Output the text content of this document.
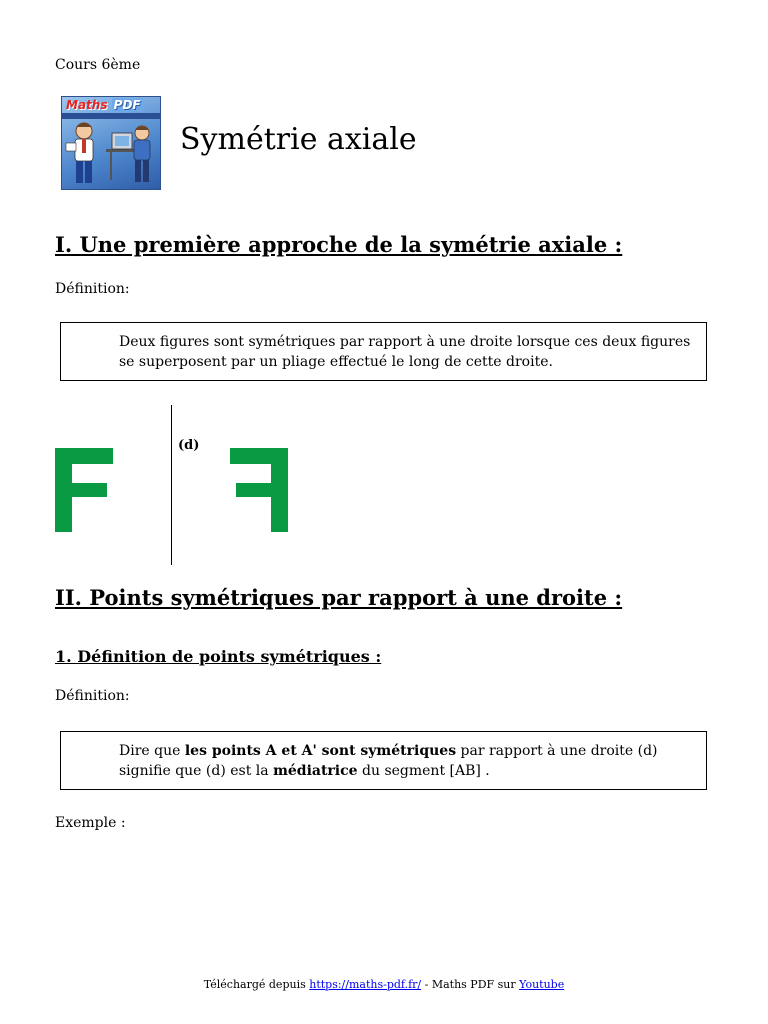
Cours 6ème
Maths PDF
Symétrie axiale
I. Une première approche de la symétrie axiale :
Définition:
Deux figures sont symétriques par rapport à une droite lorsque ces deux figures se superposent par un pliage effectué le long de cette droite.
(d)
II. Points symétriques par rapport à une droite :
1. Définition de points symétriques :
Définition:
Dire que les points A et A' sont symétriques par rapport à une droite (d) signifie que (d) est la médiatrice du segment [AB] .
Exemple :
Téléchargé depuis https://maths-pdf.fr/ - Maths PDF sur Youtube
